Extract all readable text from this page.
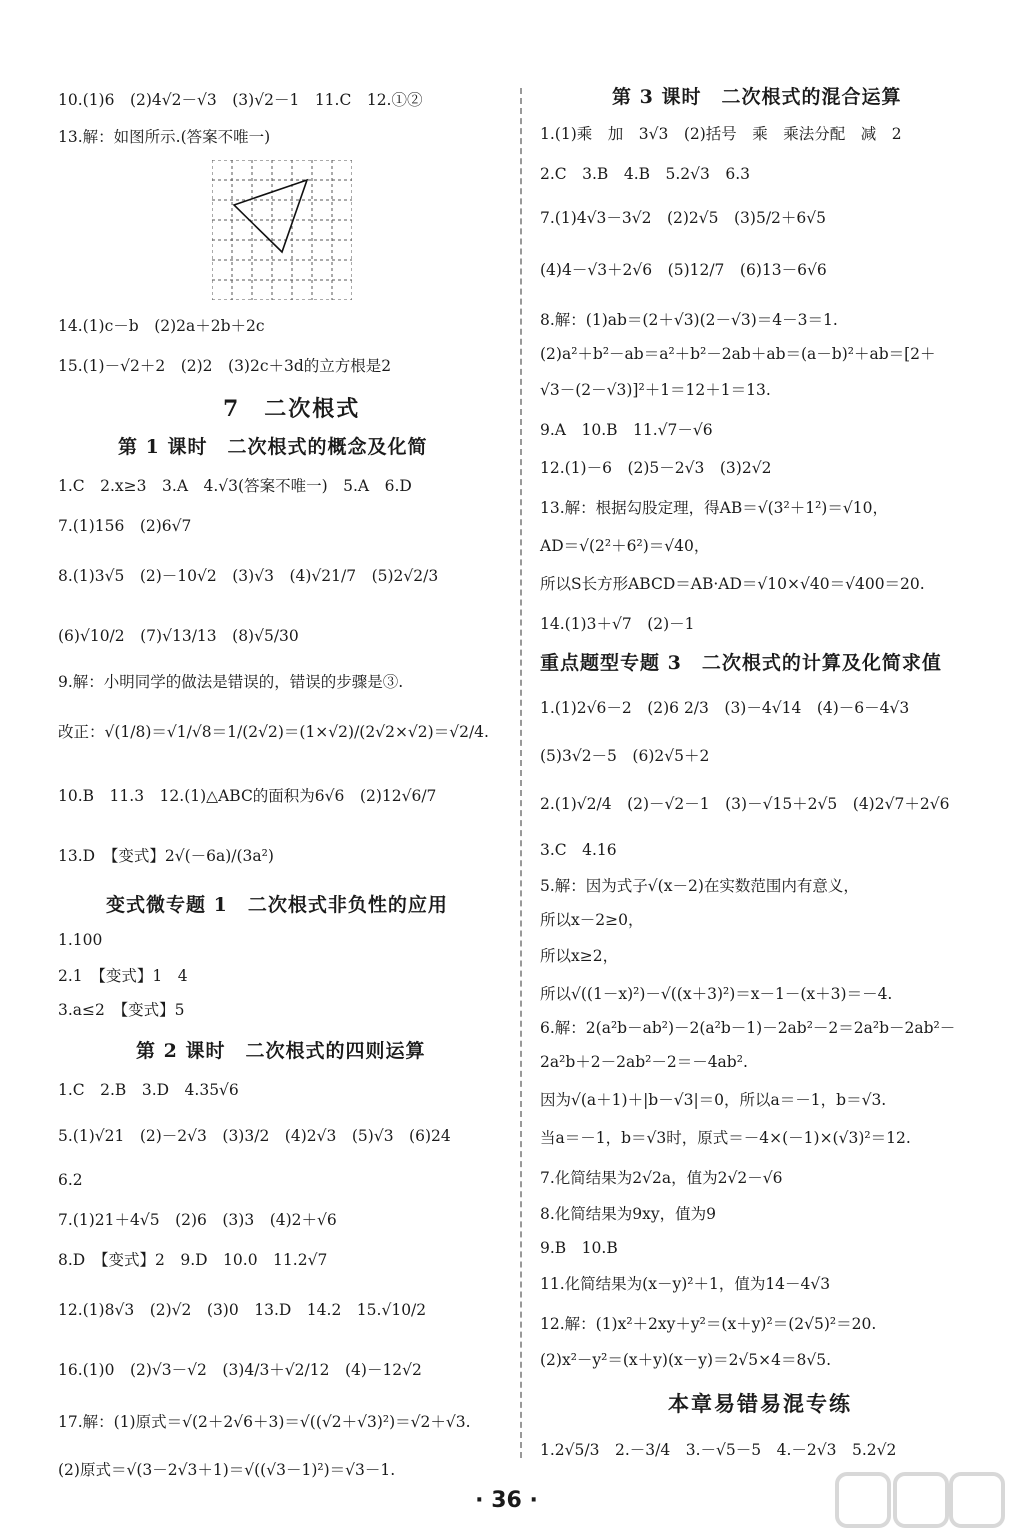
10.(1)6　(2)4√2－√3　(3)√2－1　11.C　12.①②
13.解：如图所示.(答案不唯一)
14.(1)c－b　(2)2a＋2b＋2c
15.(1)－√2＋2　(2)2　(3)2c＋3d的立方根是2
7　二次根式
第 1 课时　二次根式的概念及化简
1.C　2.x≥3　3.A　4.√3(答案不唯一)　5.A　6.D
7.(1)156　(2)6√7
8.(1)3√5　(2)－10√2　(3)√3　(4)√21/7　(5)2√2/3
(6)√10/2　(7)√13/13　(8)√5/30
9.解：小明同学的做法是错误的，错误的步骤是③.
改正：√(1/8)＝√1/√8＝1/(2√2)＝(1×√2)/(2√2×√2)＝√2/4.
10.B　11.3　12.(1)△ABC的面积为6√6　(2)12√6/7
13.D　【变式】2√(－6a)/(3a²)
变式微专题 1　二次根式非负性的应用
1.100
2.1　【变式】1　4
3.a≤2　【变式】5
第 2 课时　二次根式的四则运算
1.C　2.B　3.D　4.35√6
5.(1)√21　(2)－2√3　(3)3/2　(4)2√3　(5)√3　(6)24
6.2
7.(1)21＋4√5　(2)6　(3)3　(4)2＋√6
8.D　【变式】2　9.D　10.0　11.2√7
12.(1)8√3　(2)√2　(3)0　13.D　14.2　15.√10/2
16.(1)0　(2)√3－√2　(3)4/3＋√2/12　(4)－12√2
17.解：(1)原式＝√(2＋2√6＋3)＝√((√2＋√3)²)＝√2＋√3.
(2)原式＝√(3－2√3＋1)＝√((√3－1)²)＝√3－1.
第 3 课时　二次根式的混合运算
1.(1)乘　加　3√3　(2)括号　乘　乘法分配　减　2
2.C　3.B　4.B　5.2√3　6.3
7.(1)4√3－3√2　(2)2√5　(3)5/2＋6√5
(4)4－√3＋2√6　(5)12/7　(6)13－6√6
8.解：(1)ab＝(2＋√3)(2－√3)＝4－3＝1.
(2)a²＋b²－ab＝a²＋b²－2ab＋ab＝(a－b)²＋ab＝[2＋
√3－(2－√3)]²＋1＝12＋1＝13.
9.A　10.B　11.√7－√6
12.(1)－6　(2)5－2√3　(3)2√2
13.解：根据勾股定理，得AB＝√(3²＋1²)＝√10，
AD＝√(2²＋6²)＝√40，
所以S长方形ABCD＝AB·AD＝√10×√40＝√400＝20.
14.(1)3＋√7　(2)－1
重点题型专题 3　二次根式的计算及化简求值
1.(1)2√6－2　(2)6 2/3　(3)－4√14　(4)－6－4√3
(5)3√2－5　(6)2√5＋2
2.(1)√2/4　(2)－√2－1　(3)－√15＋2√5　(4)2√7＋2√6
3.C　4.16
5.解：因为式子√(x－2)在实数范围内有意义，
所以x－2≥0，
所以x≥2，
所以√((1－x)²)－√((x＋3)²)＝x－1－(x＋3)＝－4.
6.解：2(a²b－ab²)－2(a²b－1)－2ab²－2＝2a²b－2ab²－
2a²b＋2－2ab²－2＝－4ab².
因为√(a＋1)＋|b－√3|＝0，所以a＝－1，b＝√3.
当a＝－1，b＝√3时，原式＝－4×(－1)×(√3)²＝12.
7.化简结果为2√2a，值为2√2－√6
8.化简结果为9xy，值为9
9.B　10.B
11.化简结果为(x－y)²＋1，值为14－4√3
12.解：(1)x²＋2xy＋y²＝(x＋y)²＝(2√5)²＝20.
(2)x²－y²＝(x＋y)(x－y)＝2√5×4＝8√5.
本章易错易混专练
1.2√5/3　2.－3/4　3.－√5－5　4.－2√3　5.2√2
· 36 ·
